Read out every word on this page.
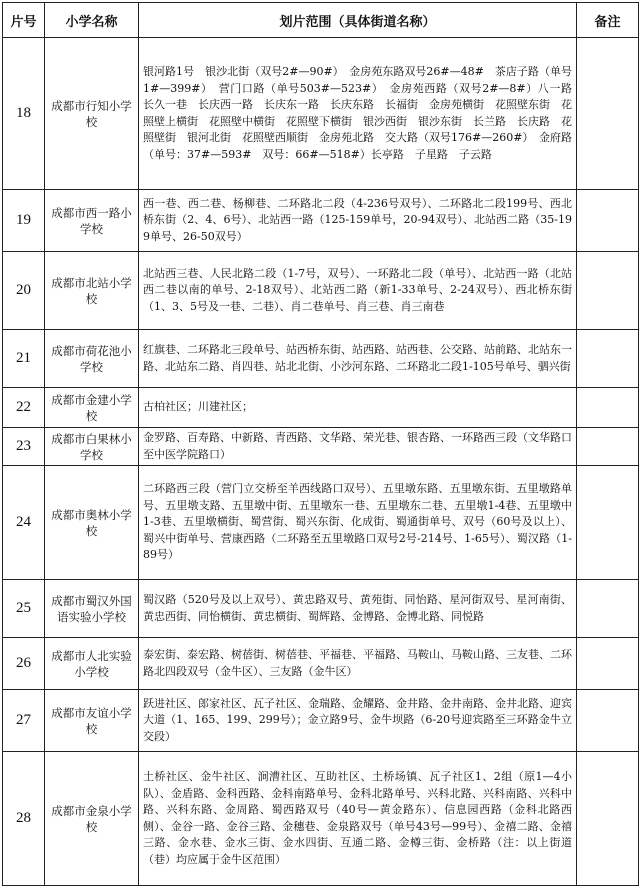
片号	小学名称	划片范围（具体街道名称）	备注
18	成都市行知小学校	银河路1号　银沙北街（双号2#—90#）　金房苑东路双号26#—48#　茶店子路（单号1#—399#）　营门口路（单号503#—523#）　金房苑西路（双号2#—8#）八一路　长久一巷　长庆西一路　长庆东一路　长庆东路　长福街　金房苑横街　花照壁东街　花照壁上横街　花照壁中横街　花照壁下横街　银沙西街　银沙东街　长兰路　长庆路　花照壁街　银河北街　花照壁西顺街　金房苑北路　交大路（双号176#—260#）　金府路（单号：37#—593#　双号：66#—518#）长亭路　子星路　子云路	
19	成都市西一路小学校	西一巷、西二巷、杨柳巷、二环路北二段（4-236号双号）、二环路北二段199号、西北桥东街（2、4、6号）、北站西一路（125-159单号，20-94双号）、北站西二路（35-199单号、26-50双号）	
20	成都市北站小学校	北站西三巷、人民北路二段（1-7号，双号）、一环路北二段（单号）、北站西一路（北站西二巷以南的单号、2-18双号）、北站西二路（新1-33单号、2-24双号）、西北桥东街（1、3、5号及一巷、二巷）、肖二巷单号、肖三巷、肖三南巷	
21	成都市荷花池小学校	红旗巷、二环路北三段单号、站西桥东街、站西路、站西巷、公交路、站前路、北站东一路、北站东二路、肖四巷、站北北街、小沙河东路、二环路北二段1-105号单号、驷兴街	
22	成都市金建小学校	古柏社区；川建社区；	
23	成都市白果林小学校	金罗路、百寿路、中新路、青西路、文华路、荣光巷、银杏路、一环路西三段（文华路口至中医学院路口）	
24	成都市奥林小学校	二环路西三段（营门立交桥至羊西线路口双号）、五里墩东路、五里墩东街、五里墩路单号、五里墩支路、五里墩中街、五里墩东一巷、五里墩东二巷、五里墩1-4巷、五里墩中1-3巷、五里墩横街、蜀营街、蜀兴东街、化成街、蜀通街单号、双号（60号及以上）、蜀兴中街单号、营康西路（二环路至五里墩路口双号2号-214号、1-65号）、蜀汉路（1-89号）	
25	成都市蜀汉外国语实验小学校	蜀汉路（520号及以上双号）、黄忠路双号、黄苑街、同怡路、星河街双号、星河南街、黄忠西街、同怡横街、黄忠横街、蜀辉路、金博路、金博北路、同悦路	
26	成都市人北实验小学校	泰宏街、泰宏路、树蓓街、树蓓巷、平福巷、平福路、马鞍山、马鞍山路、三友巷、二环路北四段双号（金牛区）、三友路（金牛区）	
27	成都市友谊小学校	跃进社区、郎家社区、瓦子社区、金瑞路、金耀路、金井路、金井南路、金井北路、迎宾大道（1、165、199、299号）；金立路9号、金牛坝路（6-20号迎宾路至三环路金牛立交段）	
28	成都市金泉小学校	土桥社区、金牛社区、涧漕社区、互助社区、土桥场镇、瓦子社区1、2组（原1—4小队）、金盾路、金科西路、金科南路单号、金科北路单号、兴科北路、兴科南路、兴科中路、兴科东路、金周路、蜀西路双号（40号—黄金路东）、信息园西路（金科北路西侧）、金谷一路、金谷三路、金穗巷、金泉路双号（单号43号—99号）、金禧二路、金禧三路、金水巷、金水三街、金水四街、互通二路、金樽三街、金桥路（注：以上街道（巷）均应属于金牛区范围）	
